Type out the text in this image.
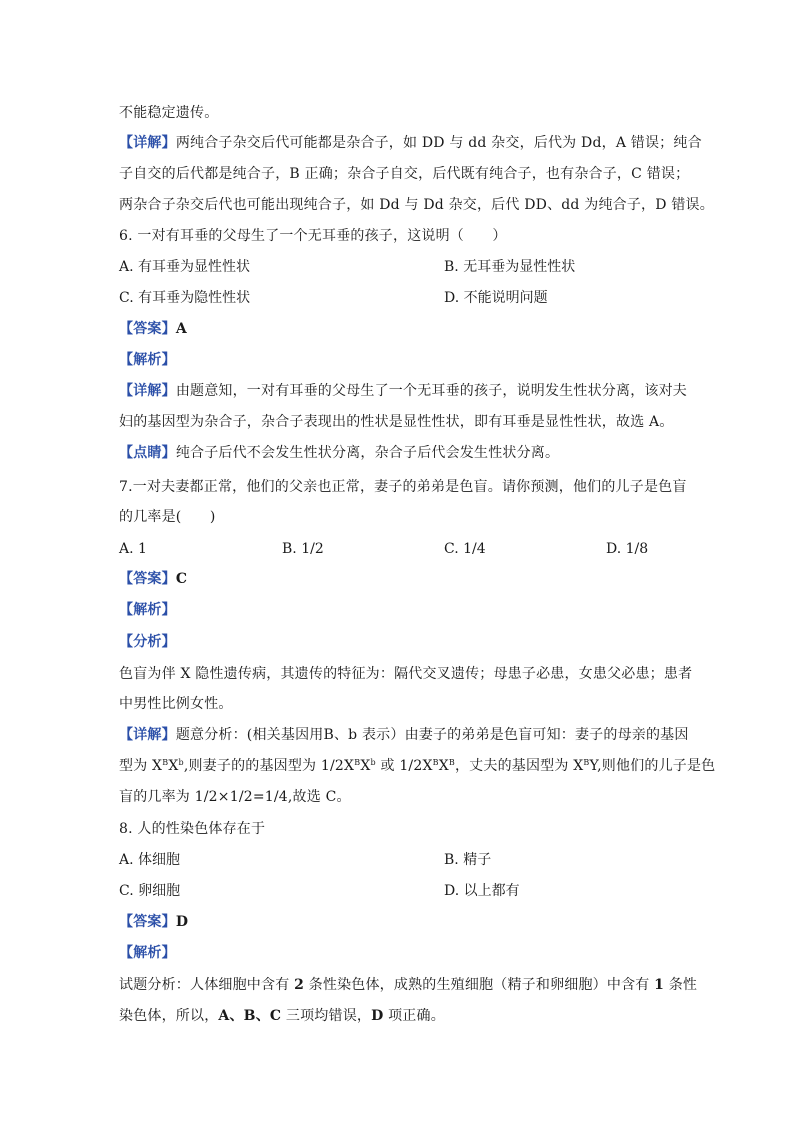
不能稳定遗传。
【详解】两纯合子杂交后代可能都是杂合子，如 DD 与 dd 杂交，后代为 Dd，A 错误；纯合
子自交的后代都是纯合子，B 正确；杂合子自交，后代既有纯合子，也有杂合子，C 错误；
两杂合子杂交后代也可能出现纯合子，如 Dd 与 Dd 杂交，后代 DD、dd 为纯合子，D 错误。
6. 一对有耳垂的父母生了一个无耳垂的孩子，这说明（　　）
A. 有耳垂为显性性状	B. 无耳垂为显性性状
C. 有耳垂为隐性性状	D. 不能说明问题
【答案】A
【解析】
【详解】由题意知，一对有耳垂的父母生了一个无耳垂的孩子，说明发生性状分离，该对夫
妇的基因型为杂合子，杂合子表现出的性状是显性性状，即有耳垂是显性性状，故选 A。
【点睛】纯合子后代不会发生性状分离，杂合子后代会发生性状分离。
7.一对夫妻都正常，他们的父亲也正常，妻子的弟弟是色盲。请你预测，他们的儿子是色盲
的几率是(　　)
A. 1	B. 1/2	C. 1/4	D. 1/8
【答案】C
【解析】
【分析】
色盲为伴 X 隐性遗传病，其遗传的特征为：隔代交叉遗传；母患子必患，女患父必患；患者
中男性比例女性。
【详解】题意分析：(相关基因用B、b 表示）由妻子的弟弟是色盲可知：妻子的母亲的基因
型为 $X^BX^b$,则妻子的的基因型为 $1/2X^BX^b$ 或 $1/2X^BX^B$，丈夫的基因型为 $X^BY$,则他们的儿子是色
盲的几率为 1/2×1/2=1/4,故选 C。
8. 人的性染色体存在于
A. 体细胞	B. 精子
C. 卵细胞	D. 以上都有
【答案】D
【解析】
试题分析：人体细胞中含有 2 条性染色体，成熟的生殖细胞（精子和卵细胞）中含有 1 条性
染色体，所以，A、B、C 三项均错误，D 项正确。
